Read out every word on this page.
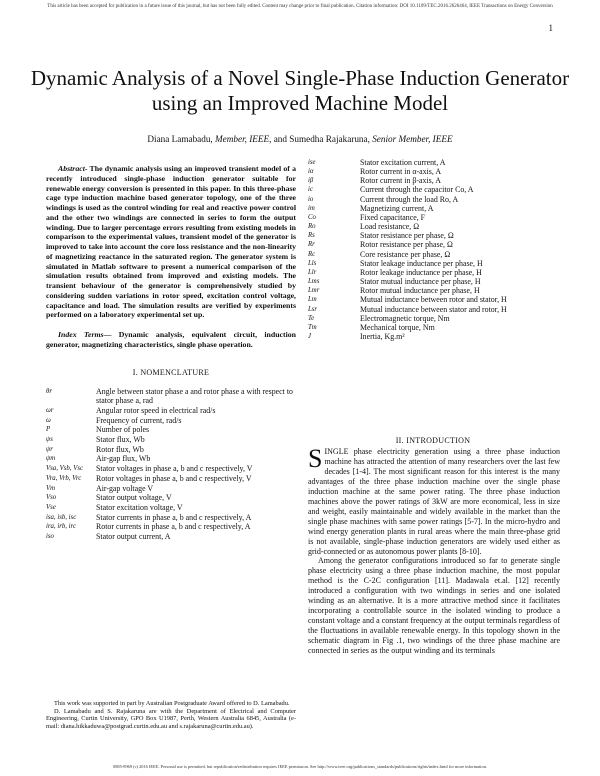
This article has been accepted for publication in a future issue of this journal, but has not been fully edited. Content may change prior to final publication. Citation information: DOI 10.1109/TEC.2016.2626464, IEEE Transactions on Energy Conversion
1
Dynamic Analysis of a Novel Single-Phase Induction Generator using an Improved Machine Model
Diana Lamabadu, Member, IEEE, and Sumedha Rajakaruna, Senior Member, IEEE

Abstract- The dynamic analysis using an improved transient model of a recently introduced single-phase induction generator suitable for renewable energy conversion is presented in this paper. In this three-phase cage type induction machine based generator topology, one of the three windings is used as the control winding for real and reactive power control and the other two windings are connected in series to form the output winding. Due to larger percentage errors resulting from existing models in comparison to the experimental values, transient model of the generator is improved to take into account the core loss resistance and the non-linearity of magnetizing reactance in the saturated region. The generator system is simulated in Matlab software to present a numerical comparison of the simulation results obtained from improved and existing models. The transient behaviour of the generator is comprehensively studied by considering sudden variations in rotor speed, excitation control voltage, capacitance and load. The simulation results are verified by experiments performed on a laboratory experimental set up.

Index Terms— Dynamic analysis, equivalent circuit, induction generator, magnetizing characteristics, single phase operation.

I. NOMENCLATURE

θr	Angle between stator phase a and rotor phase a with respect to stator phase a, rad
ωr	Angular rotor speed in electrical rad/s
ω	Frequency of current, rad/s
P	Number of poles
ψs	Stator flux, Wb
ψr	Rotor flux, Wb
ψm	Air-gap flux, Wb
Vsa, Vsb, Vsc	Stator voltages in phase a, b and c respectively, V
Vra, Vrb, Vrc	Rotor voltages in phase a, b and c respectively, V
Vm	Air-gap voltage V
Vso	Stator output voltage, V
Vse	Stator excitation voltage, V
isa, isb, isc	Stator currents in phase a, b and c respectively, A
ira, irb, irc	Rotor currents in phase a, b and c respectively, A
iso	Stator output current, A
ise	Stator excitation current, A
iα	Rotor current in α-axis, A
iβ	Rotor current in β-axis, A
ic	Current through the capacitor Co, A
io	Current through the load Ro, A
im	Magnetizing current, A
Co	Fixed capacitance, F
Ro	Load resistance, Ω
Rs	Stator resistance per phase, Ω
Rr	Rotor resistance per phase, Ω
Rc	Core resistance per phase, Ω
Lls	Stator leakage inductance per phase, H
Llr	Rotor leakage inductance per phase, H
Lms	Stator mutual inductance per phase, H
Lmr	Rotor mutual inductance per phase, H
Lm	Mutual inductance between rotor and stator, H
Lsr	Mutual inductance between stator and rotor, H
Te	Electromagnetic torque, Nm
Tm	Mechanical torque, Nm
J	Inertia, Kg.m²

This work was supported in part by Australian Postgraduate Award offered to D. Lamabadu.

D. Lamabadu and S. Rajakaruna are with the Department of Electrical and Computer Engineering, Curtin University, GPO Box U1987, Perth, Western Australia 6845, Australia (e-mail: diana.hikkaduwa@postgrad.curtin.edu.au and s.rajakaruna@curtin.edu.au).

II. INTRODUCTION

SINGLE phase electricity generation using a three phase induction machine has attracted the attention of many researchers over the last few decades [1-4]. The most significant reason for this interest is the many advantages of the three phase induction machine over the single phase induction machine at the same power rating. The three phase induction machines above the power ratings of 3kW are more economical, less in size and weight, easily maintainable and widely available in the market than the single phase machines with same power ratings [5-7]. In the micro-hydro and wind energy generation plants in rural areas where the main three-phase grid is not available, single-phase induction generators are widely used either as grid-connected or as autonomous power plants [8-10].

Among the generator configurations introduced so far to generate single phase electricity using a three phase induction machine, the most popular method is the C-2C configuration [11]. Madawala et.al. [12] recently introduced a configuration with two windings in series and one isolated winding as an alternative. It is a more attractive method since it facilitates incorporating a controllable source in the isolated winding to produce a constant voltage and a constant frequency at the output terminals regardless of the fluctuations in available renewable energy. In this topology shown in the schematic diagram in Fig .1, two windings of the three phase machine are connected in series as the output winding and its terminals

0885-8969 (c) 2016 IEEE. Personal use is permitted, but republication/redistribution requires IEEE permission. See http://www.ieee.org/publications_standards/publications/rights/index.html for more information.
